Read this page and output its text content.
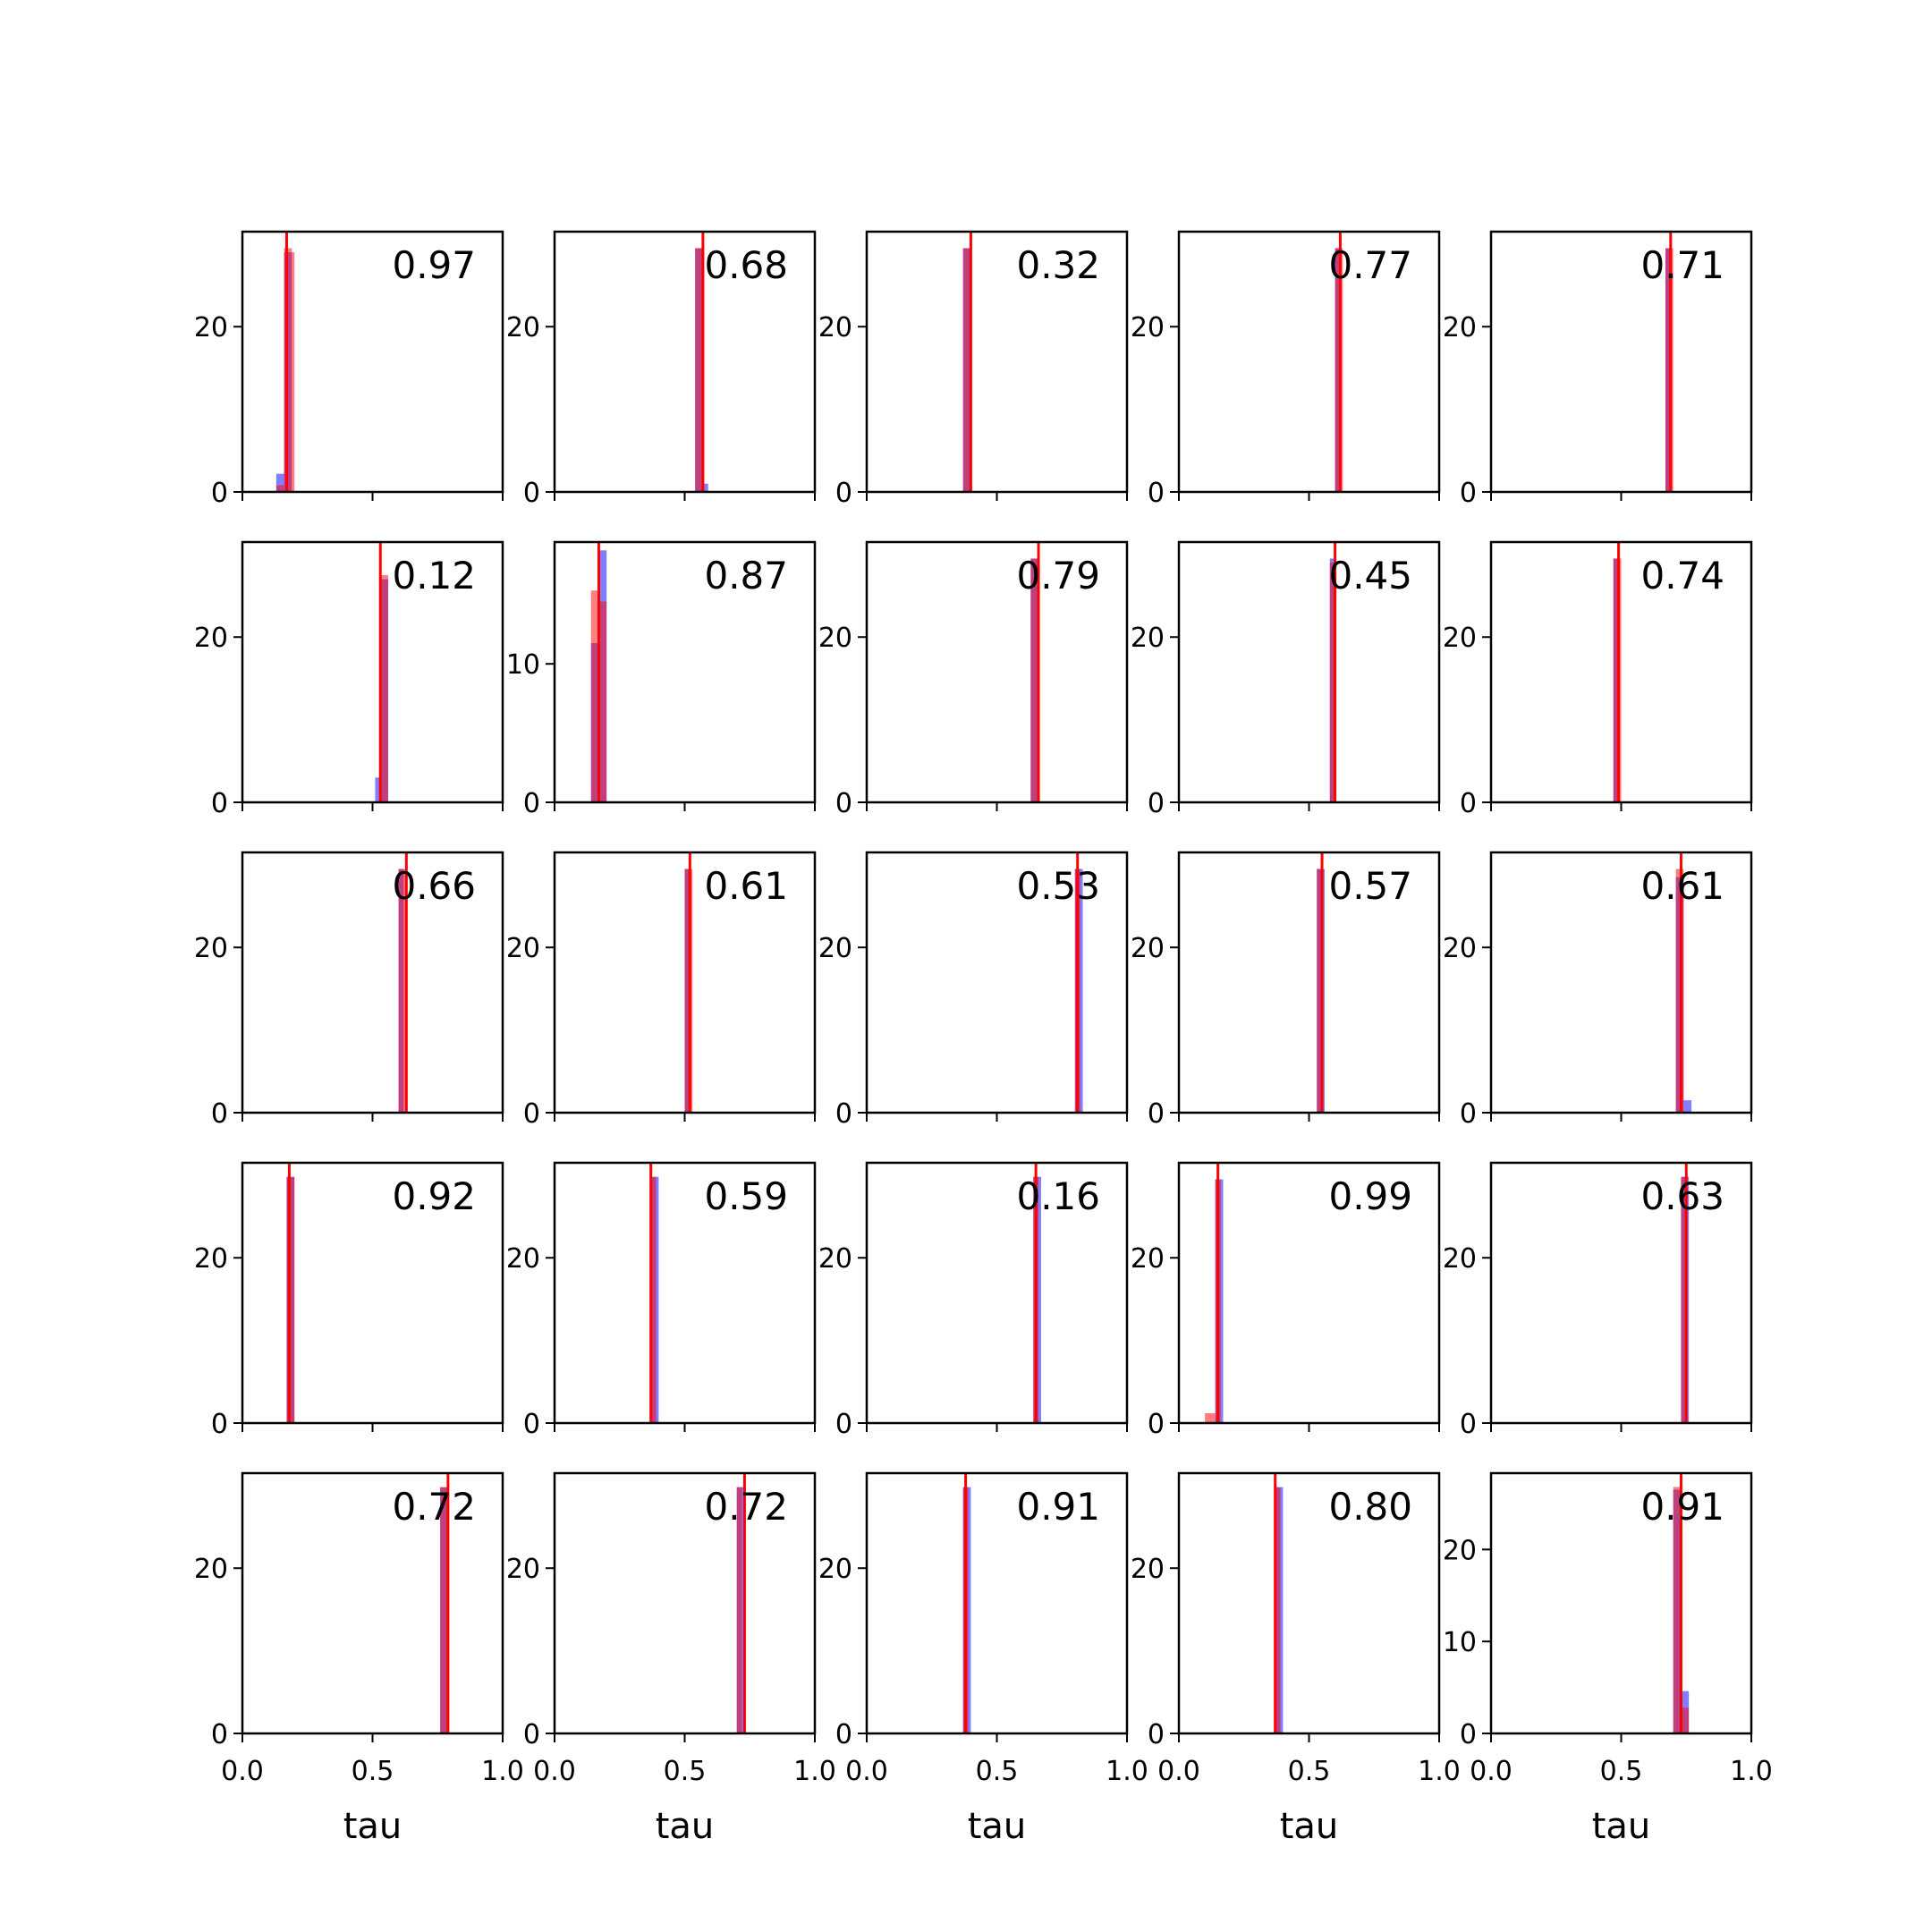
0
20
0.97
0
20
0.68
0
20
0.32
0
20
0.77
0
20
0.71
0
20
0.12
0
10
0.87
0
20
0.79
0
20
0.45
0
20
0.74
0
20
0.66
0
20
0.61
0
20
0.53
0
20
0.57
0
20
0.61
0
20
0.92
0
20
0.59
0
20
0.16
0
20
0.99
0
20
0.63
0
20
0.0	0.5	1.0
0.72
tau
0
20
0.0	0.5	1.0
0.72
tau
0
20
0.0	0.5	1.0
0.91
tau
0
20
0.0	0.5	1.0
0.80
tau
0
10
20
0.0	0.5	1.0
0.91
tau
